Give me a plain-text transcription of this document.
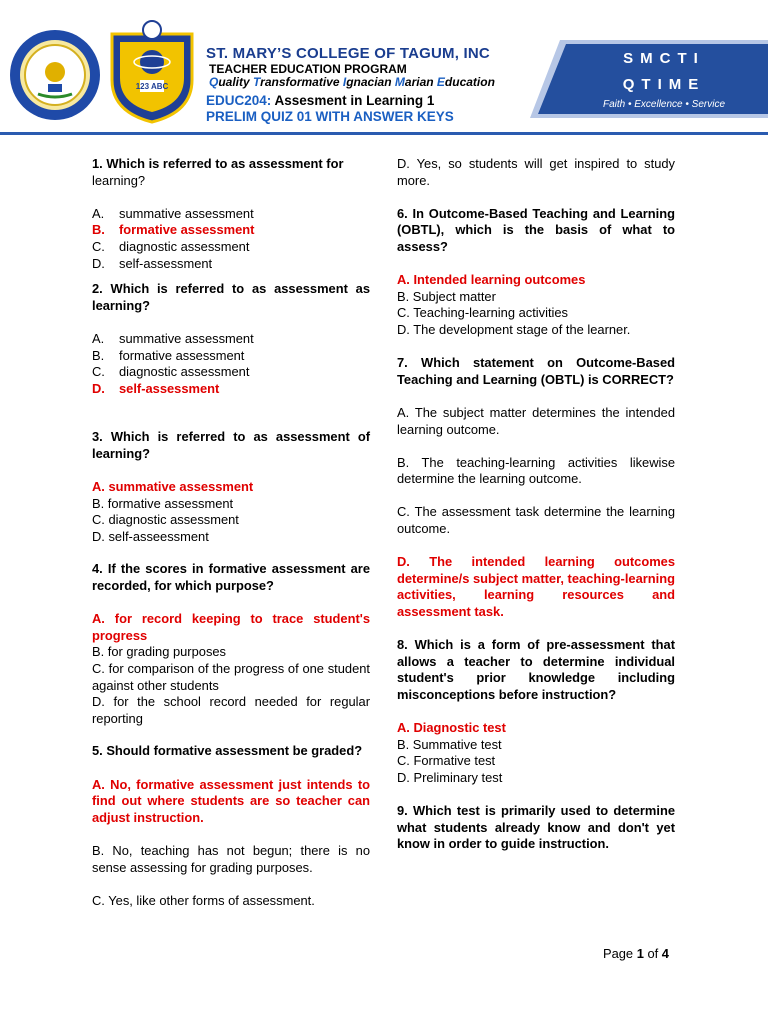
123 ABC
ST. MARY’S COLLEGE OF TAGUM, INC
TEACHER EDUCATION PROGRAM
Quality Transformative Ignacian Marian Education
EDUC204: Assesment in Learning 1
PRELIM QUIZ 01 WITH ANSWER KEYS
SMCTI
QTIME
Faith • Excellence • Service

1. Which is referred to as assessment for

learning?

A.	summative assessment
B.	formative assessment
C.	diagnostic assessment
D.	self-assessment

2. Which is referred to as assessment as learning?

A.	summative assessment
B.	formative assessment
C.	diagnostic assessment
D.	self-assessment

3. Which is referred to as assessment of learning?

A. summative assessment

B. formative assessment

C. diagnostic assessment

D. self-asseessment

4. If the scores in formative assessment are recorded, for which purpose?

A. for record keeping to trace student's progress

B. for grading purposes

C. for comparison of the progress of one student against other students

D. for the school record needed for regular reporting

5. Should formative assessment be graded?

A. No, formative assessment just intends to find out where students are so teacher can adjust instruction.

B. No, teaching has not begun; there is no sense assessing for grading purposes.

C. Yes, like other forms of assessment.

D. Yes, so students will get inspired to study more.

6. In Outcome-Based Teaching and Learning (OBTL), which is the basis of what to assess?

A. Intended learning outcomes

B. Subject matter

C. Teaching-learning activities

D. The development stage of the learner.

7. Which statement on Outcome-Based Teaching and Learning (OBTL) is CORRECT?

A. The subject matter determines the intended learning outcome.

B. The teaching-learning activities likewise determine the learning outcome.

C. The assessment task determine the learning outcome.

D. The intended learning outcomes determine/s subject matter, teaching-learning activities, learning resources and assessment task.

8. Which is a form of pre-assessment that allows a teacher to determine individual student's prior knowledge including misconceptions before instruction?

A. Diagnostic test

B. Summative test

C. Formative test

D. Preliminary test

9. Which test is primarily used to determine what students already know and don't yet know in order to guide instruction.

Page 1 of 4
